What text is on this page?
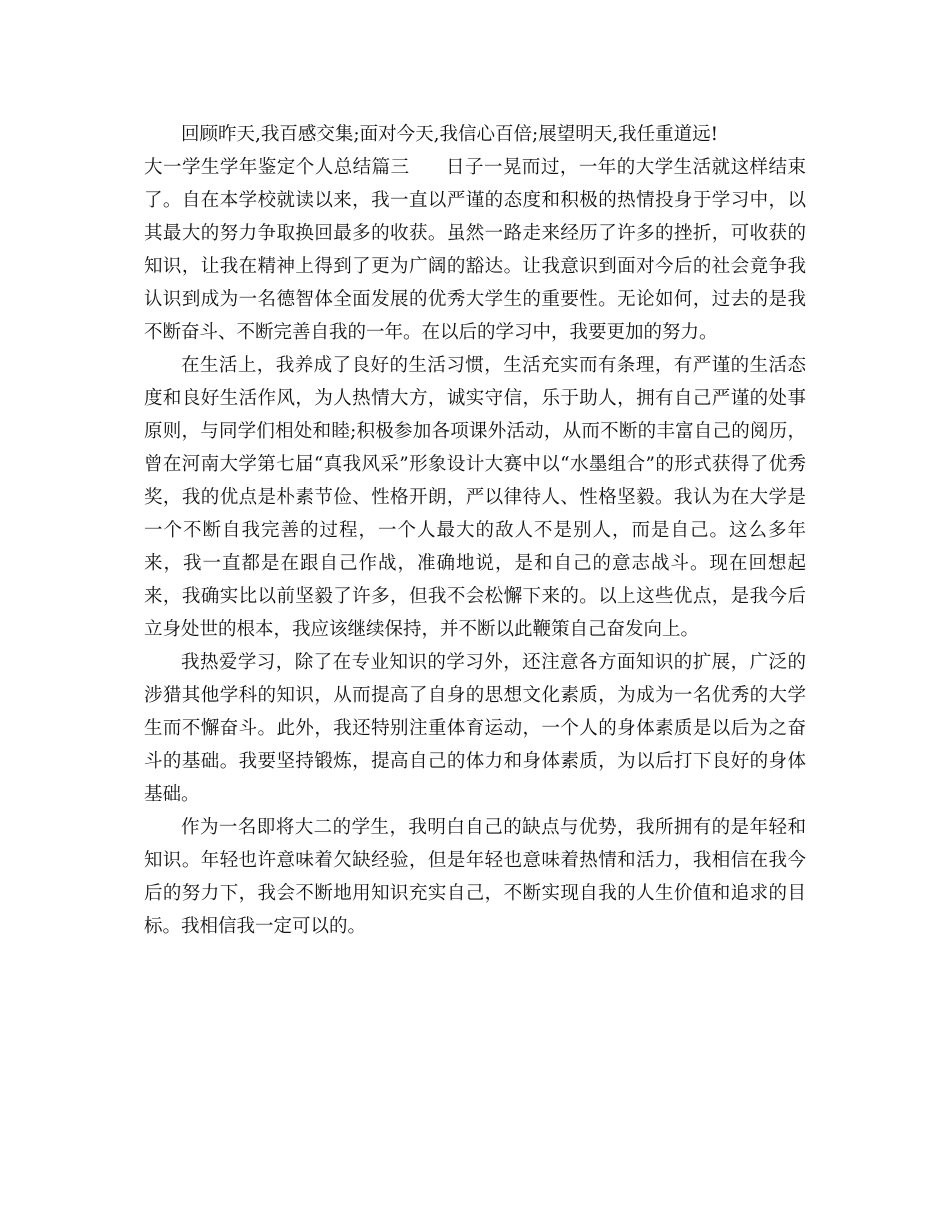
回顾昨天,我百感交集;面对今天,我信心百倍;展望明天,我任重道远!

大一学生学年鉴定个人总结篇三 日子一晃而过，一年的大学生活就这样结束了。自在本学校就读以来，我一直以严谨的态度和积极的热情投身于学习中，以其最大的努力争取换回最多的收获。虽然一路走来经历了许多的挫折，可收获的知识，让我在精神上得到了更为广阔的豁达。让我意识到面对今后的社会竟争我认识到成为一名德智体全面发展的优秀大学生的重要性。无论如何，过去的是我不断奋斗、不断完善自我的一年。在以后的学习中，我要更加的努力。

在生活上，我养成了良好的生活习惯，生活充实而有条理，有严谨的生活态度和良好生活作风，为人热情大方，诚实守信，乐于助人，拥有自己严谨的处事原则，与同学们相处和睦;积极参加各项课外活动，从而不断的丰富自己的阅历，曾在河南大学第七届“真我风采”形象设计大赛中以“水墨组合”的形式获得了优秀奖，我的优点是朴素节俭、性格开朗，严以律待人、性格坚毅。我认为在大学是一个不断自我完善的过程，一个人最大的敌人不是别人，而是自己。这么多年来，我一直都是在跟自己作战，准确地说，是和自己的意志战斗。现在回想起来，我确实比以前坚毅了许多，但我不会松懈下来的。以上这些优点，是我今后立身处世的根本，我应该继续保持，并不断以此鞭策自己奋发向上。

我热爱学习，除了在专业知识的学习外，还注意各方面知识的扩展，广泛的涉猎其他学科的知识，从而提高了自身的思想文化素质，为成为一名优秀的大学生而不懈奋斗。此外，我还特别注重体育运动，一个人的身体素质是以后为之奋斗的基础。我要坚持锻炼，提高自己的体力和身体素质，为以后打下良好的身体基础。

作为一名即将大二的学生，我明白自己的缺点与优势，我所拥有的是年轻和知识。年轻也许意味着欠缺经验，但是年轻也意味着热情和活力，我相信在我今后的努力下，我会不断地用知识充实自己，不断实现自我的人生价值和追求的目标。我相信我一定可以的。
